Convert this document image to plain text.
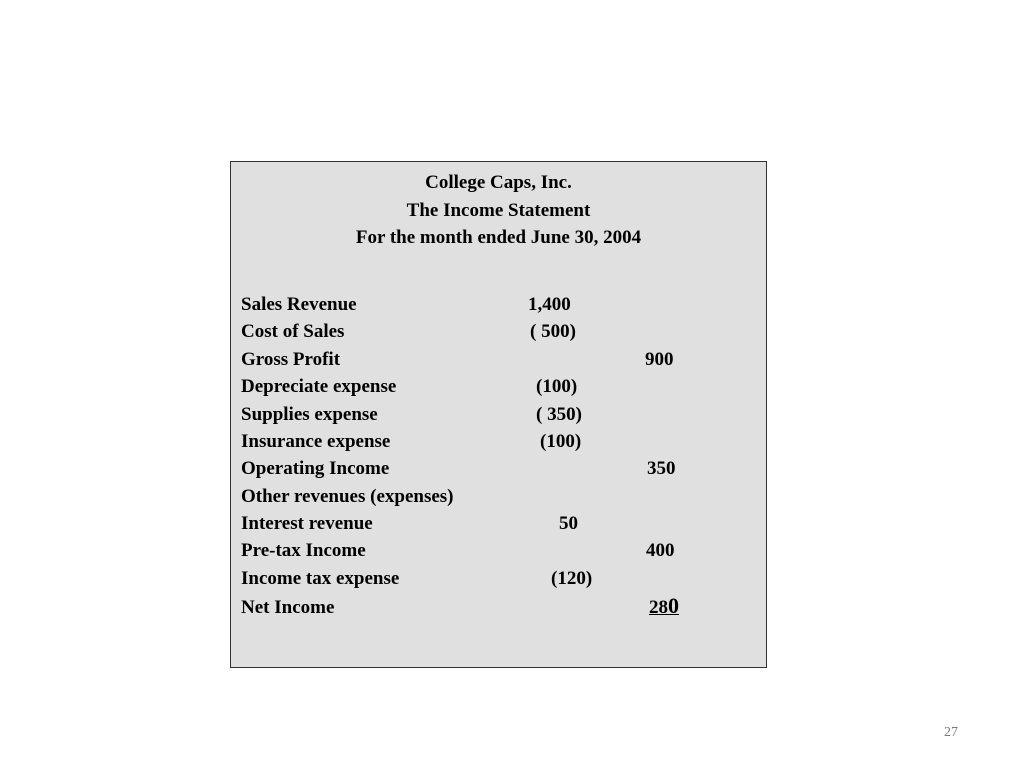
College Caps, Inc.
The Income Statement
For the month ended June 30, 2004
Sales Revenue	1,400
Cost of Sales	( 500)
Gross Profit	900
Depreciate expense	(100)
Supplies expense	( 350)
Insurance expense	(100)
Operating Income	350
Other revenues (expenses)
Interest revenue	50
Pre-tax Income	400
Income tax expense	(120)
Net Income	280
27
